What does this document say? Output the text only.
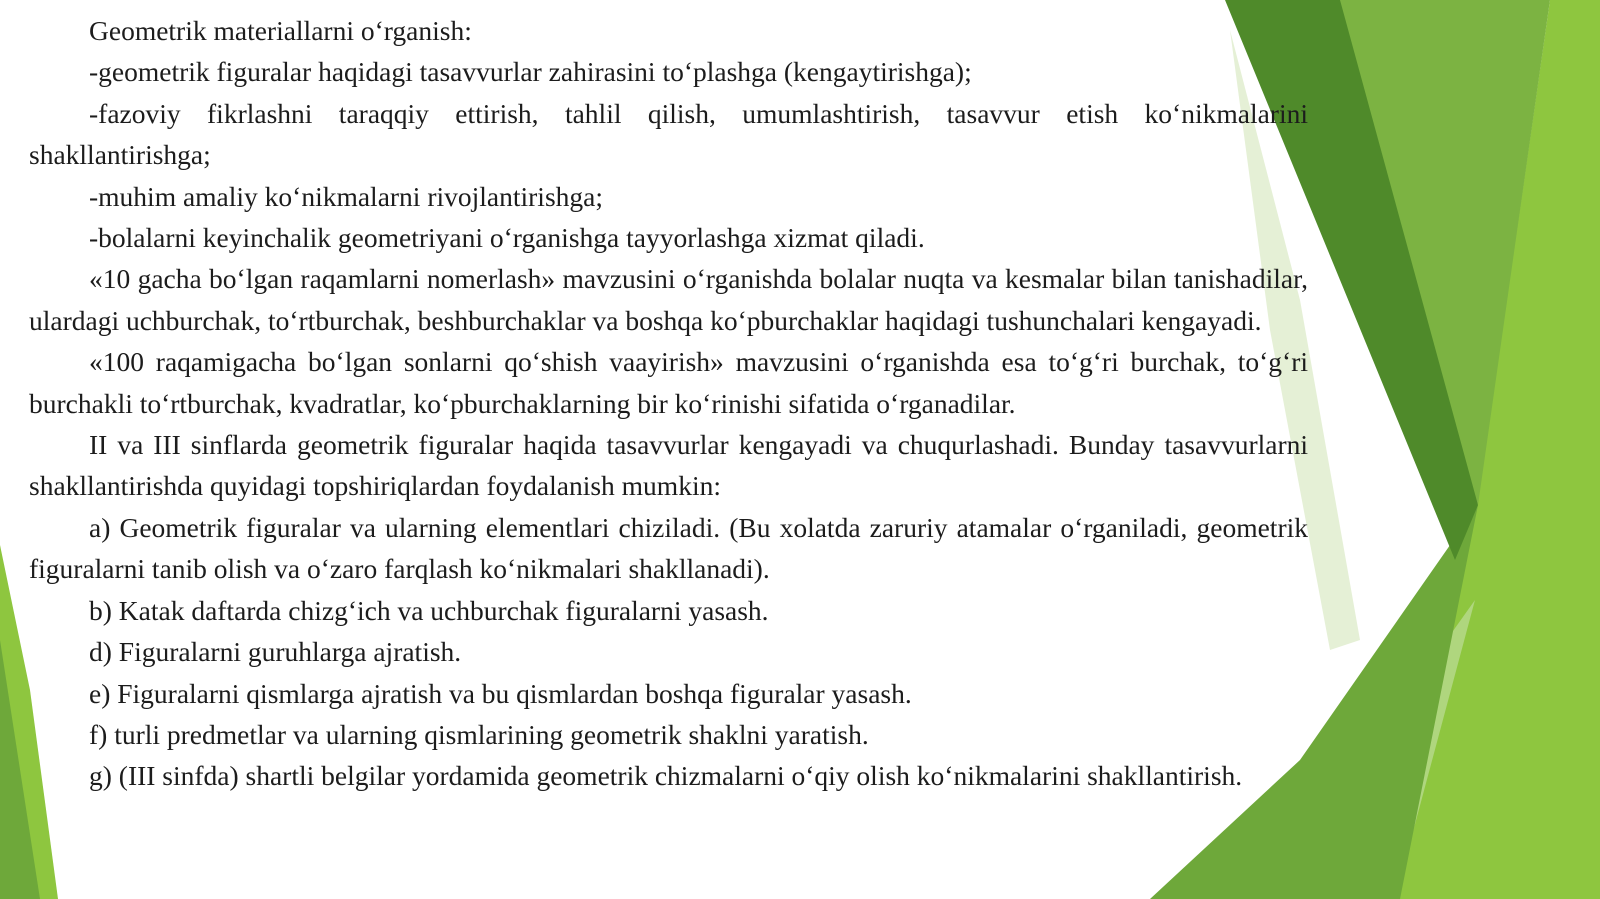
Geometrik materiallarni o‘rganish:

-geometrik figuralar haqidagi tasavvurlar zahirasini to‘plashga (kengaytirishga);

-fazoviy fikrlashni taraqqiy ettirish, tahlil qilish, umumlashtirish, tasavvur etish ko‘nikmalarini shakllantirishga;

-muhim amaliy ko‘nikmalarni rivojlantirishga;

-bolalarni keyinchalik geometriyani o‘rganishga tayyorlashga xizmat qiladi.

«10 gacha bo‘lgan raqamlarni nomerlash» mavzusini o‘rganishda bolalar nuqta va kesmalar bilan tanishadilar, ulardagi uchburchak, to‘rtburchak, beshburchaklar va boshqa ko‘pburchaklar haqidagi tushunchalari kengayadi.

«100 raqamigacha bo‘lgan sonlarni qo‘shish vaayirish» mavzusini o‘rganishda esa to‘g‘ri burchak, to‘g‘ri burchakli to‘rtburchak, kvadratlar, ko‘pburchaklarning bir ko‘rinishi sifatida o‘rganadilar.

II va III sinflarda geometrik figuralar haqida tasavvurlar kengayadi va chuqurlashadi. Bunday tasavvurlarni shakllantirishda quyidagi topshiriqlardan foydalanish mumkin:

a) Geometrik figuralar va ularning elementlari chiziladi. (Bu xolatda zaruriy atamalar o‘rganiladi, geometrik figuralarni tanib olish va o‘zaro farqlash ko‘nikmalari shakllanadi).

b) Katak daftarda chizg‘ich va uchburchak figuralarni yasash.

d) Figuralarni guruhlarga ajratish.

e) Figuralarni qismlarga ajratish va bu qismlardan boshqa figuralar yasash.

f) turli predmetlar va ularning qismlarining geometrik shaklni yaratish.

g) (III sinfda) shartli belgilar yordamida geometrik chizmalarni o‘qiy olish ko‘nikmalarini shakllantirish.
